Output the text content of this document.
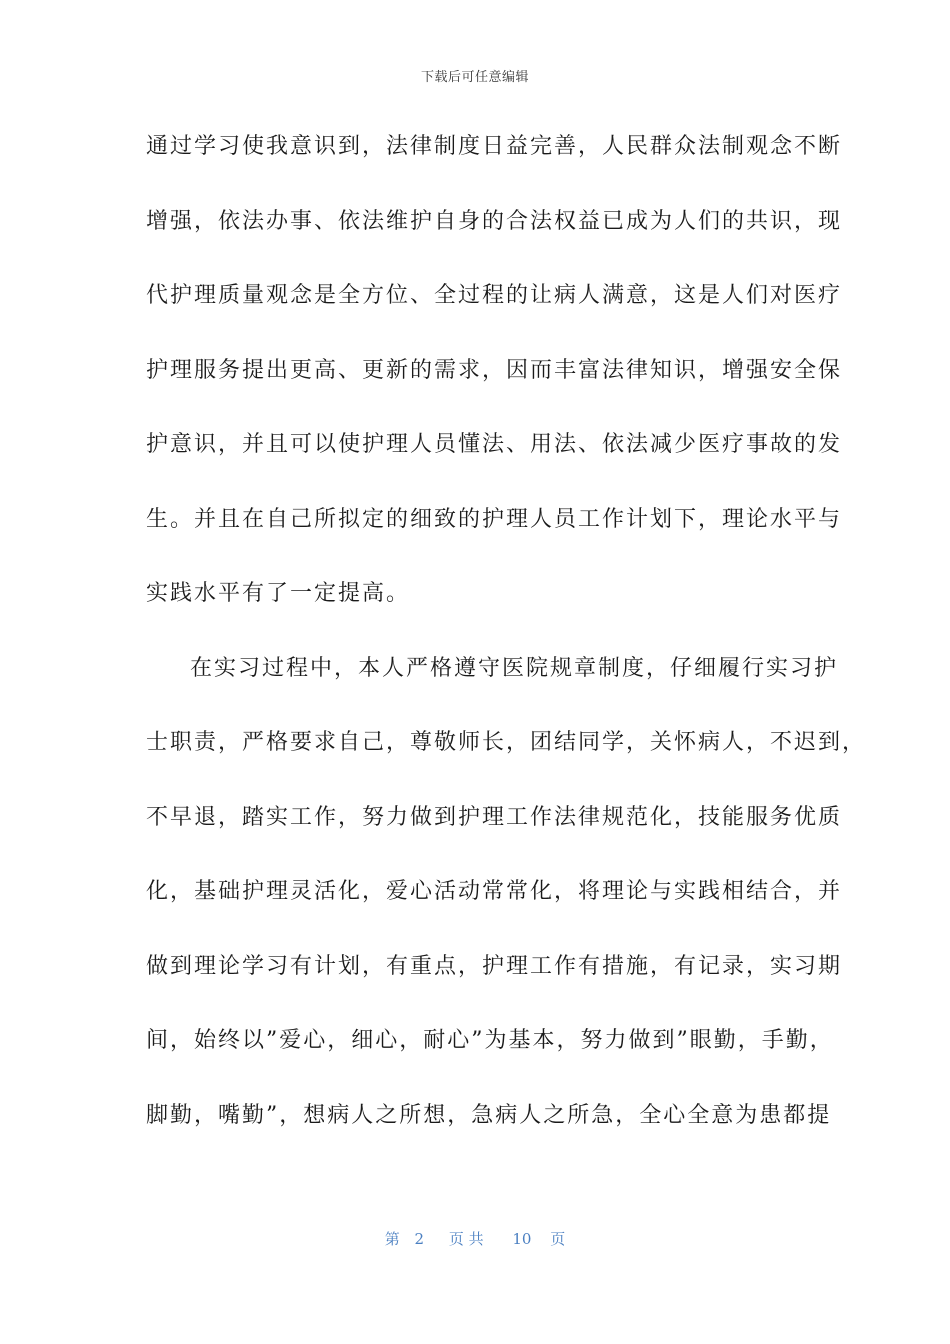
下载后可任意编辑
通过学习使我意识到，法律制度日益完善，人民群众法制观念不断
增强，依法办事、依法维护自身的合法权益已成为人们的共识，现
代护理质量观念是全方位、全过程的让病人满意，这是人们对医疗
护理服务提出更高、更新的需求，因而丰富法律知识，增强安全保
护意识，并且可以使护理人员懂法、用法、依法减少医疗事故的发
生。并且在自己所拟定的细致的护理人员工作计划下，理论水平与
实践水平有了一定提高。
在实习过程中，本人严格遵守医院规章制度，仔细履行实习护
士职责，严格要求自己，尊敬师长，团结同学，关怀病人，不迟到，
不早退，踏实工作，努力做到护理工作法律规范化，技能服务优质
化，基础护理灵活化，爱心活动常常化，将理论与实践相结合，并
做到理论学习有计划，有重点，护理工作有措施，有记录，实习期
间，始终以”爱心，细心，耐心”为基本，努力做到”眼勤，手勤，
脚勤，嘴勤”，想病人之所想，急病人之所急，全心全意为患都提
第 2 页 共 10 页
